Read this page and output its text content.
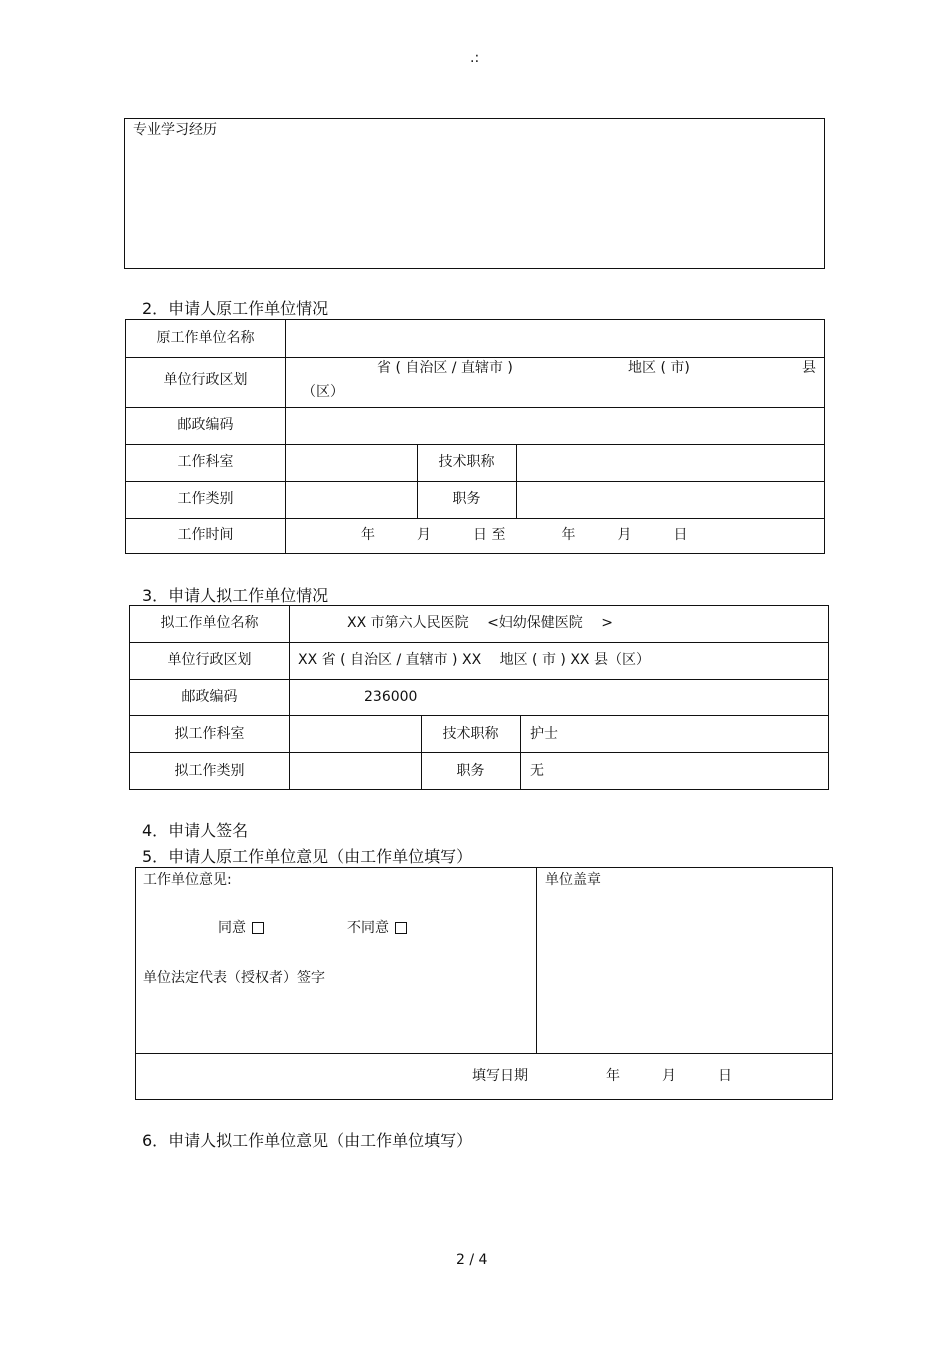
.:
专业学习经历
2．申请人原工作单位情况
原工作单位名称
单位行政区划
省 ( 自治区 / 直辖市 )	地区 ( 市)	县
（区）
邮政编码
工作科室	技术职称
工作类别	职务
工作时间	年　　　月　　　日 至　　　　年　　　月　　　日
3．申请人拟工作单位情况
拟工作单位名称	XX 市第六人民医院 　<妇幼保健医院 　>
单位行政区划	XX 省 ( 自治区 / 直辖市 ) XX 　地区 ( 市 ) XX 县（区）
邮政编码	236000
拟工作科室	技术职称	护士
拟工作类别	职务	无
4．申请人签名
5．申请人原工作单位意见（由工作单位填写）
工作单位意见:
同意	不同意
单位法定代表（授权者）签字
单位盖章
填写日期	年　　　月　　　日
6．申请人拟工作单位意见（由工作单位填写）
2 / 4
